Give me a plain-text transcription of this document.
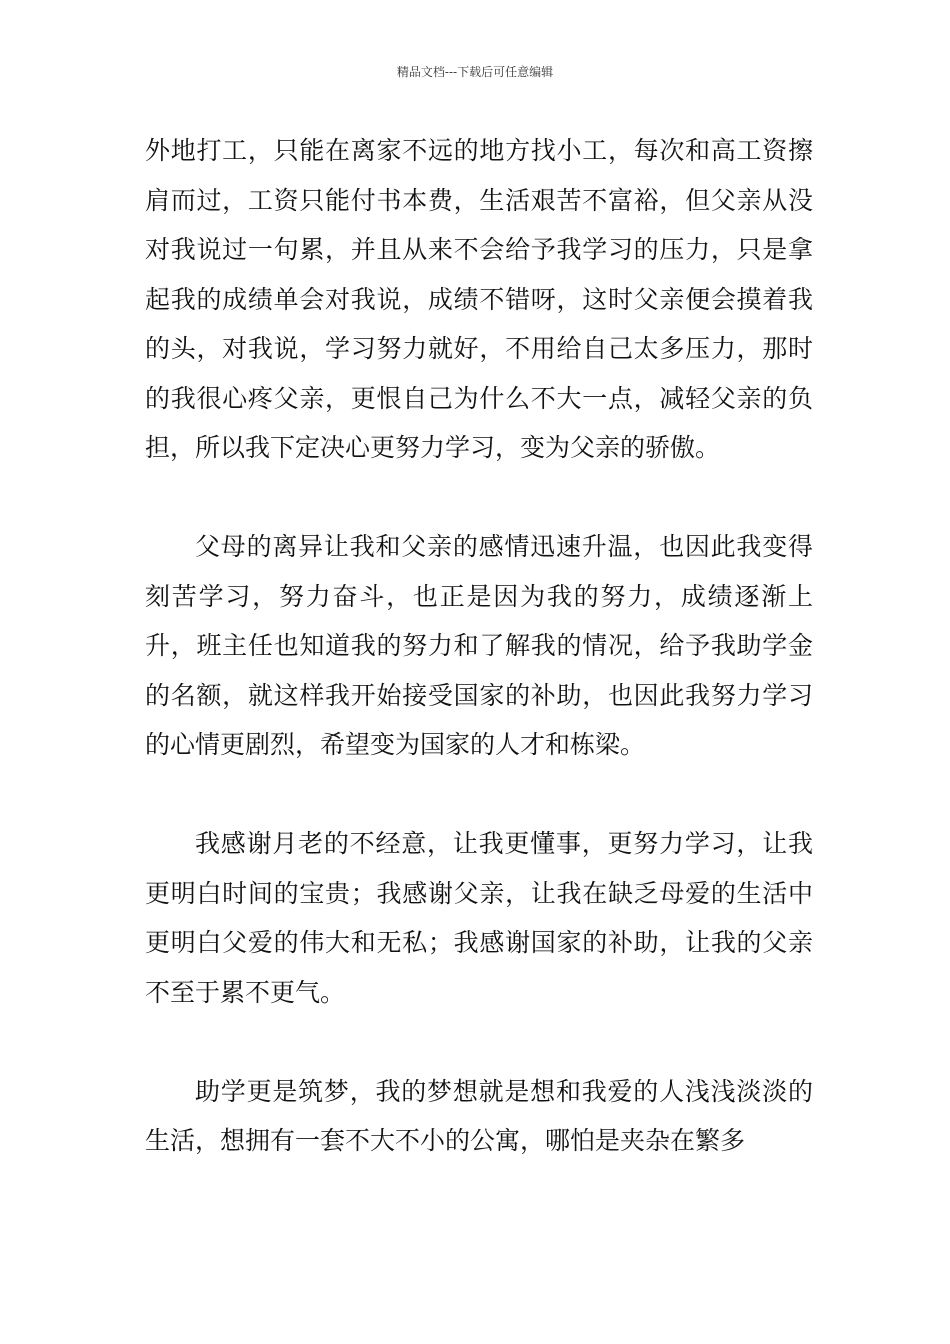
精品文档---下载后可任意编辑

外地打工，只能在离家不远的地方找小工，每次和高工资擦肩而过，工资只能付书本费，生活艰苦不富裕，但父亲从没对我说过一句累，并且从来不会给予我学习的压力，只是拿起我的成绩单会对我说，成绩不错呀，这时父亲便会摸着我的头，对我说，学习努力就好，不用给自己太多压力，那时的我很心疼父亲，更恨自己为什么不大一点，减轻父亲的负担，所以我下定决心更努力学习，变为父亲的骄傲。

父母的离异让我和父亲的感情迅速升温，也因此我变得刻苦学习，努力奋斗，也正是因为我的努力，成绩逐渐上升，班主任也知道我的努力和了解我的情况，给予我助学金的名额，就这样我开始接受国家的补助，也因此我努力学习的心情更剧烈，希望变为国家的人才和栋梁。

我感谢月老的不经意，让我更懂事，更努力学习，让我更明白时间的宝贵；我感谢父亲，让我在缺乏母爱的生活中更明白父爱的伟大和无私；我感谢国家的补助，让我的父亲不至于累不更气。

助学更是筑梦，我的梦想就是想和我爱的人浅浅淡淡的生活，想拥有一套不大不小的公寓，哪怕是夹杂在繁多
